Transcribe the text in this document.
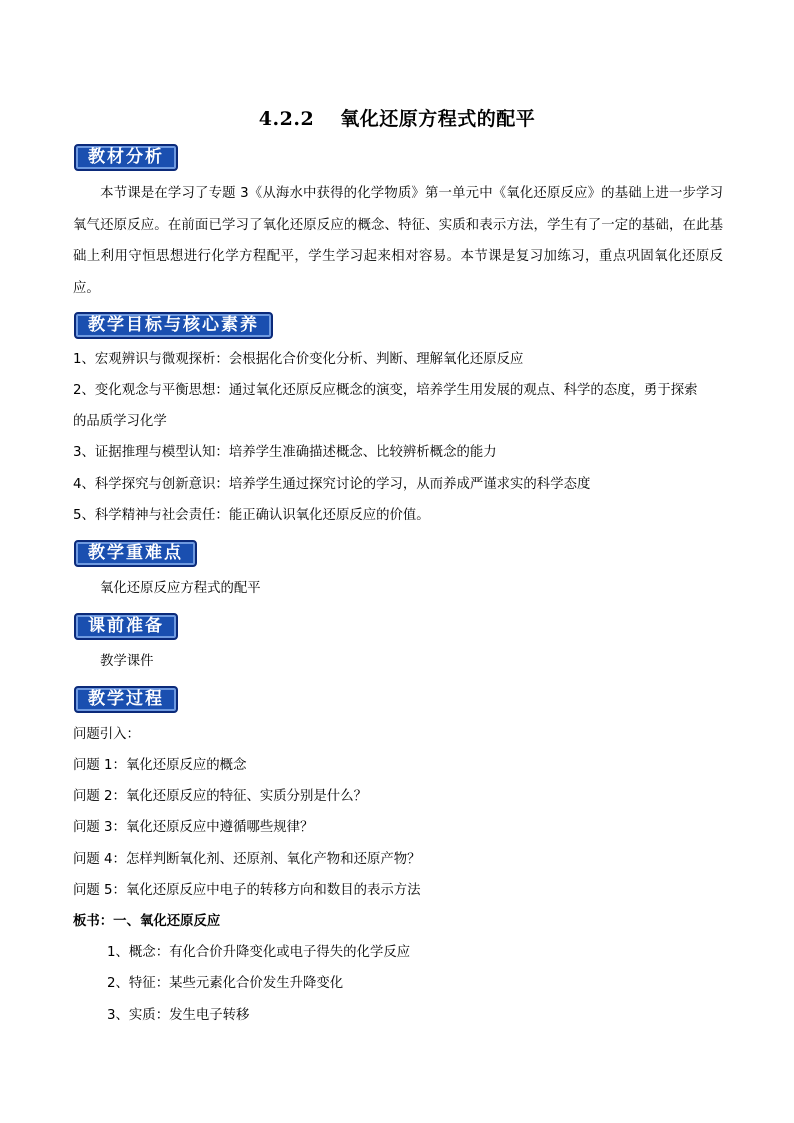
4.2.2 氧化还原方程式的配平
教材分析
本节课是在学习了专题 3《从海水中获得的化学物质》第一单元中《氧化还原反应》的基础上进一步学习氧气还原反应。在前面已学习了氧化还原反应的概念、特征、实质和表示方法，学生有了一定的基础，在此基础上利用守恒思想进行化学方程配平，学生学习起来相对容易。本节课是复习加练习，重点巩固氧化还原反应。
教学目标与核心素养
1、宏观辨识与微观探析：会根据化合价变化分析、判断、理解氧化还原反应
2、变化观念与平衡思想：通过氧化还原反应概念的演变，培养学生用发展的观点、科学的态度，勇于探索
的品质学习化学
3、证据推理与模型认知：培养学生准确描述概念、比较辨析概念的能力
4、科学探究与创新意识：培养学生通过探究讨论的学习，从而养成严谨求实的科学态度
5、科学精神与社会责任：能正确认识氧化还原反应的价值。
教学重难点
氧化还原反应方程式的配平
课前准备
教学课件
教学过程
问题引入：
问题 1：氧化还原反应的概念
问题 2：氧化还原反应的特征、实质分别是什么？
问题 3：氧化还原反应中遵循哪些规律？
问题 4：怎样判断氧化剂、还原剂、氧化产物和还原产物？
问题 5：氧化还原反应中电子的转移方向和数目的表示方法
板书：一、氧化还原反应
1、概念：有化合价升降变化或电子得失的化学反应
2、特征：某些元素化合价发生升降变化
3、实质：发生电子转移
